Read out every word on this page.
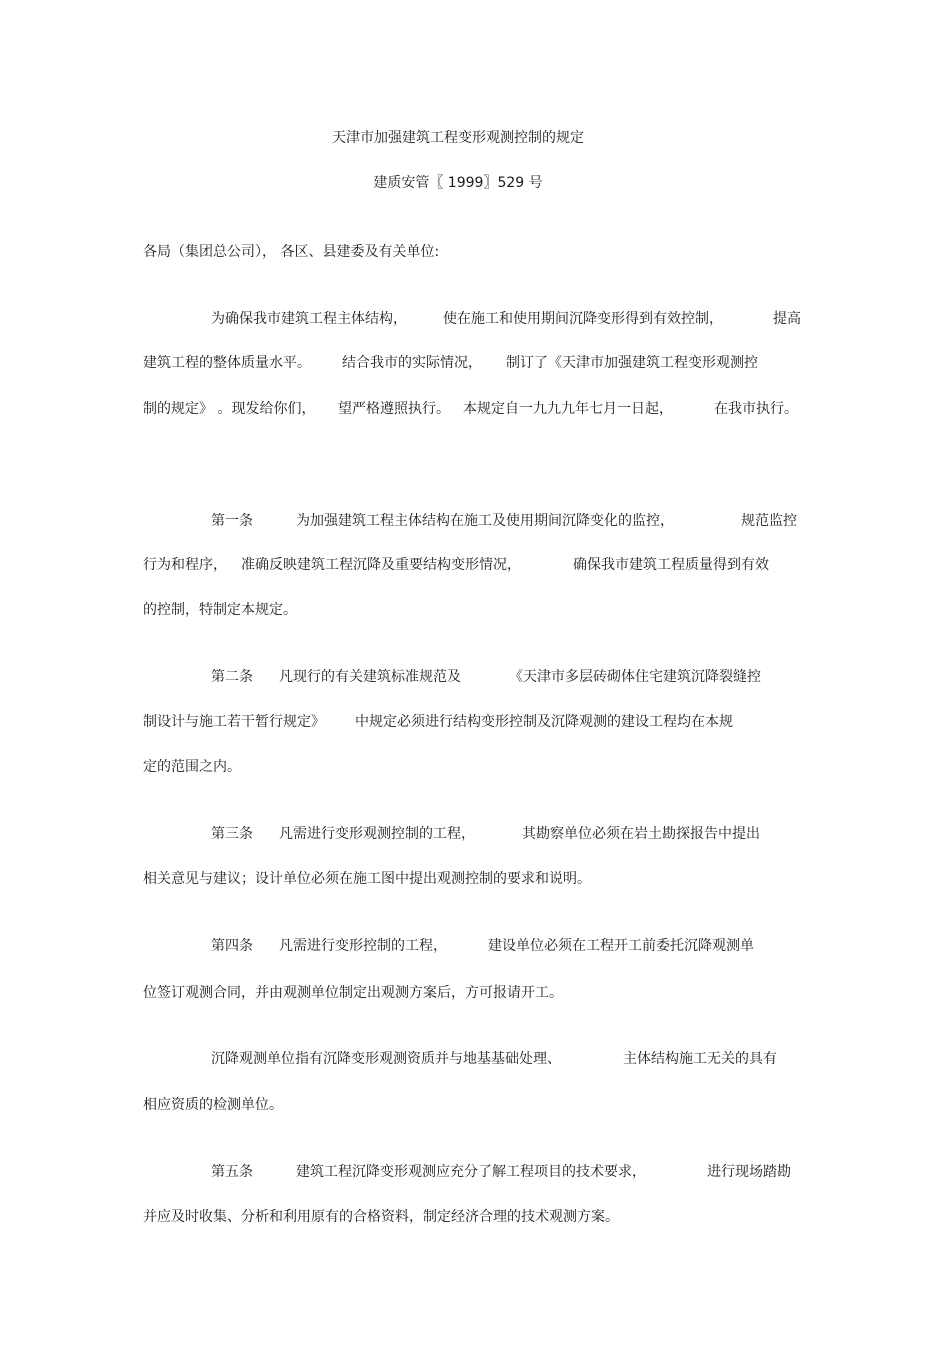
天津市加强建筑工程变形观测控制的规定
建质安管〖 1999〗529 号
各局（集团总公司）， 各区、县建委及有关单位:
为确保我市建筑工程主体结构，	使在施工和使用期间沉降变形得到有效控制，	提高
建筑工程的整体质量水平。 结合我市的实际情况， 制订了《天津市加强建筑工程变形观测控
制的规定》 。现发给你们， 望严格遵照执行。 本规定自一九九九年七月一日起，	在我市执行。
第一条	为加强建筑工程主体结构在施工及使用期间沉降变化的监控，	规范监控
行为和程序， 准确反映建筑工程沉降及重要结构变形情况，	确保我市建筑工程质量得到有效
的控制，特制定本规定。
第二条 凡现行的有关建筑标准规范及	《天津市多层砖砌体住宅建筑沉降裂缝控
制设计与施工若干暂行规定》 中规定必须进行结构变形控制及沉降观测的建设工程均在本规
定的范围之内。
第三条 凡需进行变形观测控制的工程，	其勘察单位必须在岩土勘探报告中提出
相关意见与建议；设计单位必须在施工图中提出观测控制的要求和说明。
第四条 凡需进行变形控制的工程，	建设单位必须在工程开工前委托沉降观测单
位签订观测合同，并由观测单位制定出观测方案后，方可报请开工。
沉降观测单位指有沉降变形观测资质并与地基基础处理、	主体结构施工无关的具有
相应资质的检测单位。
第五条	建筑工程沉降变形观测应充分了解工程项目的技术要求，	进行现场踏勘
并应及时收集、分析和利用原有的合格资料，制定经济合理的技术观测方案。
